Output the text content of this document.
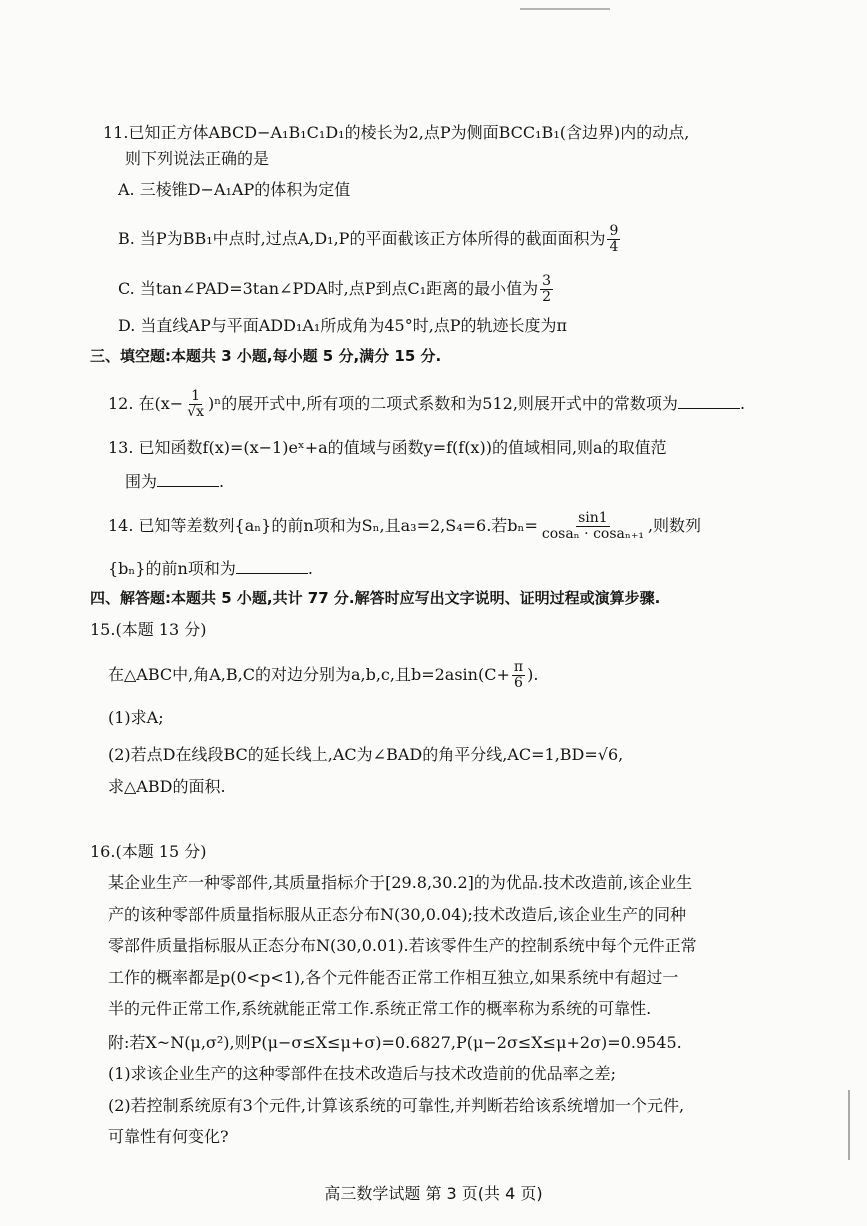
11.已知正方体ABCD−A₁B₁C₁D₁的棱长为2,点P为侧面BCC₁B₁(含边界)内的动点,
则下列说法正确的是
A. 三棱锥D−A₁AP的体积为定值
B. 当P为BB₁中点时,过点A,D₁,P的平面截该正方体所得的截面面积为 $\frac{9}{4}$
C. 当tan∠PAD=3tan∠PDA时,点P到点C₁距离的最小值为 $\frac{3}{2}$
D. 当直线AP与平面ADD₁A₁所成角为45°时,点P的轨迹长度为π
三、填空题:本题共 3 小题,每小题 5 分,满分 15 分.
12. 在$(x- \frac{1}{√x} )^n$的展开式中,所有项的二项式系数和为512,则展开式中的常数项为	.
13. 已知函数f(x)=(x−1)eˣ+a的值域与函数y=f(f(x))的值域相同,则a的取值范
围为	.
14. 已知等差数列{aₙ}的前n项和为Sₙ,且a₃=2,S₄=6.若$b_n= \frac{\sin 1}{\text{cosaₙ · cosaₙ₊₁}}$ ,则数列
{bₙ}的前n项和为	.
四、解答题:本题共 5 小题,共计 77 分.解答时应写出文字说明、证明过程或演算步骤.
15.(本题 13 分)
在△ABC中,角A,B,C的对边分别为a,b,c,且$b=2asin(C+ \frac{\pi}{6}$ ).
(1)求A;
(2)若点D在线段BC的延长线上,AC为∠BAD的角平分线,AC=1,BD=√6,
求△ABD的面积.
16.(本题 15 分)
某企业生产一种零部件,其质量指标介于[29.8,30.2]的为优品.技术改造前,该企业生
产的该种零部件质量指标服从正态分布N(30,0.04);技术改造后,该企业生产的同种
零部件质量指标服从正态分布N(30,0.01).若该零件生产的控制系统中每个元件正常
工作的概率都是p(0<p<1),各个元件能否正常工作相互独立,如果系统中有超过一
半的元件正常工作,系统就能正常工作.系统正常工作的概率称为系统的可靠性.
附:若X~N(μ,σ²),则P(μ−σ≤X≤μ+σ)=0.6827,P(μ−2σ≤X≤μ+2σ)=0.9545.
(1)求该企业生产的这种零部件在技术改造后与技术改造前的优品率之差;
(2)若控制系统原有3个元件,计算该系统的可靠性,并判断若给该系统增加一个元件,
可靠性有何变化?
高三数学试题 第 3 页(共 4 页)
